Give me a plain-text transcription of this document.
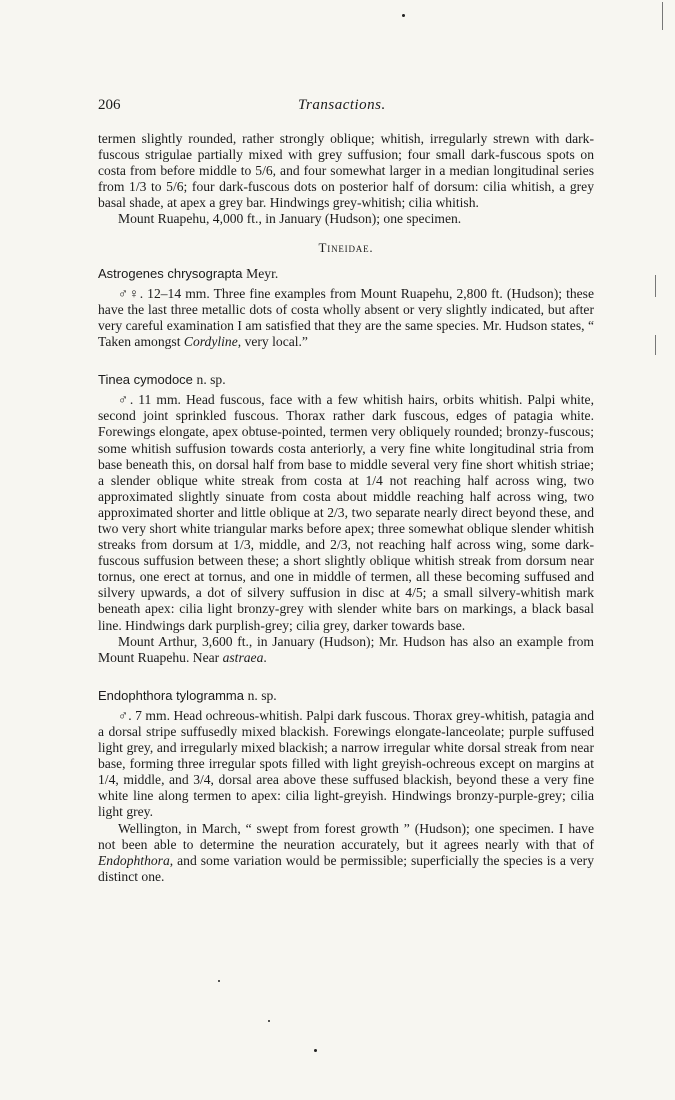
206	Transactions.

termen slightly rounded, rather strongly oblique; whitish, irregularly strewn with dark-fuscous strigulae partially mixed with grey suffusion; four small dark-fuscous spots on costa from before middle to 5/6, and four somewhat larger in a median longitudinal series from 1/3 to 5/6; four dark-fuscous dots on posterior half of dorsum: cilia whitish, a grey basal shade, at apex a grey bar. Hindwings grey-whitish; cilia whitish.

Mount Ruapehu, 4,000 ft., in January (Hudson); one specimen.

Tineidae.

Astrogenes chrysograpta Meyr.

♂♀. 12–14 mm. Three fine examples from Mount Ruapehu, 2,800 ft. (Hudson); these have the last three metallic dots of costa wholly absent or very slightly indicated, but after very careful examination I am satisfied that they are the same species. Mr. Hudson states, “ Taken amongst Cordyline, very local.”

Tinea cymodoce n. sp.

♂. 11 mm. Head fuscous, face with a few whitish hairs, orbits whitish. Palpi white, second joint sprinkled fuscous. Thorax rather dark fuscous, edges of patagia white. Forewings elongate, apex obtuse-pointed, termen very obliquely rounded; bronzy-fuscous; some whitish suffusion towards costa anteriorly, a very fine white longitudinal stria from base beneath this, on dorsal half from base to middle several very fine short whitish striae; a slender oblique white streak from costa at 1/4 not reaching half across wing, two approximated slightly sinuate from costa about middle reaching half across wing, two approximated shorter and little oblique at 2/3, two separate nearly direct beyond these, and two very short white triangular marks before apex; three somewhat oblique slender whitish streaks from dorsum at 1/3, middle, and 2/3, not reaching half across wing, some dark-fuscous suffusion between these; a short slightly oblique whitish streak from dorsum near tornus, one erect at tornus, and one in middle of termen, all these becoming suffused and silvery upwards, a dot of silvery suffusion in disc at 4/5; a small silvery-whitish mark beneath apex: cilia light bronzy-grey with slender white bars on markings, a black basal line. Hindwings dark purplish-grey; cilia grey, darker towards base.

Mount Arthur, 3,600 ft., in January (Hudson); Mr. Hudson has also an example from Mount Ruapehu. Near astraea.

Endophthora tylogramma n. sp.

♂. 7 mm. Head ochreous-whitish. Palpi dark fuscous. Thorax grey-whitish, patagia and a dorsal stripe suffusedly mixed blackish. Forewings elongate-lanceolate; purple suffused light grey, and irregularly mixed blackish; a narrow irregular white dorsal streak from near base, forming three irregular spots filled with light greyish-ochreous except on margins at 1/4, middle, and 3/4, dorsal area above these suffused blackish, beyond these a very fine white line along termen to apex: cilia light-greyish. Hindwings bronzy-purple-grey; cilia light grey.

Wellington, in March, “ swept from forest growth ” (Hudson); one specimen. I have not been able to determine the neuration accurately, but it agrees nearly with that of Endophthora, and some variation would be permissible; superficially the species is a very distinct one.
